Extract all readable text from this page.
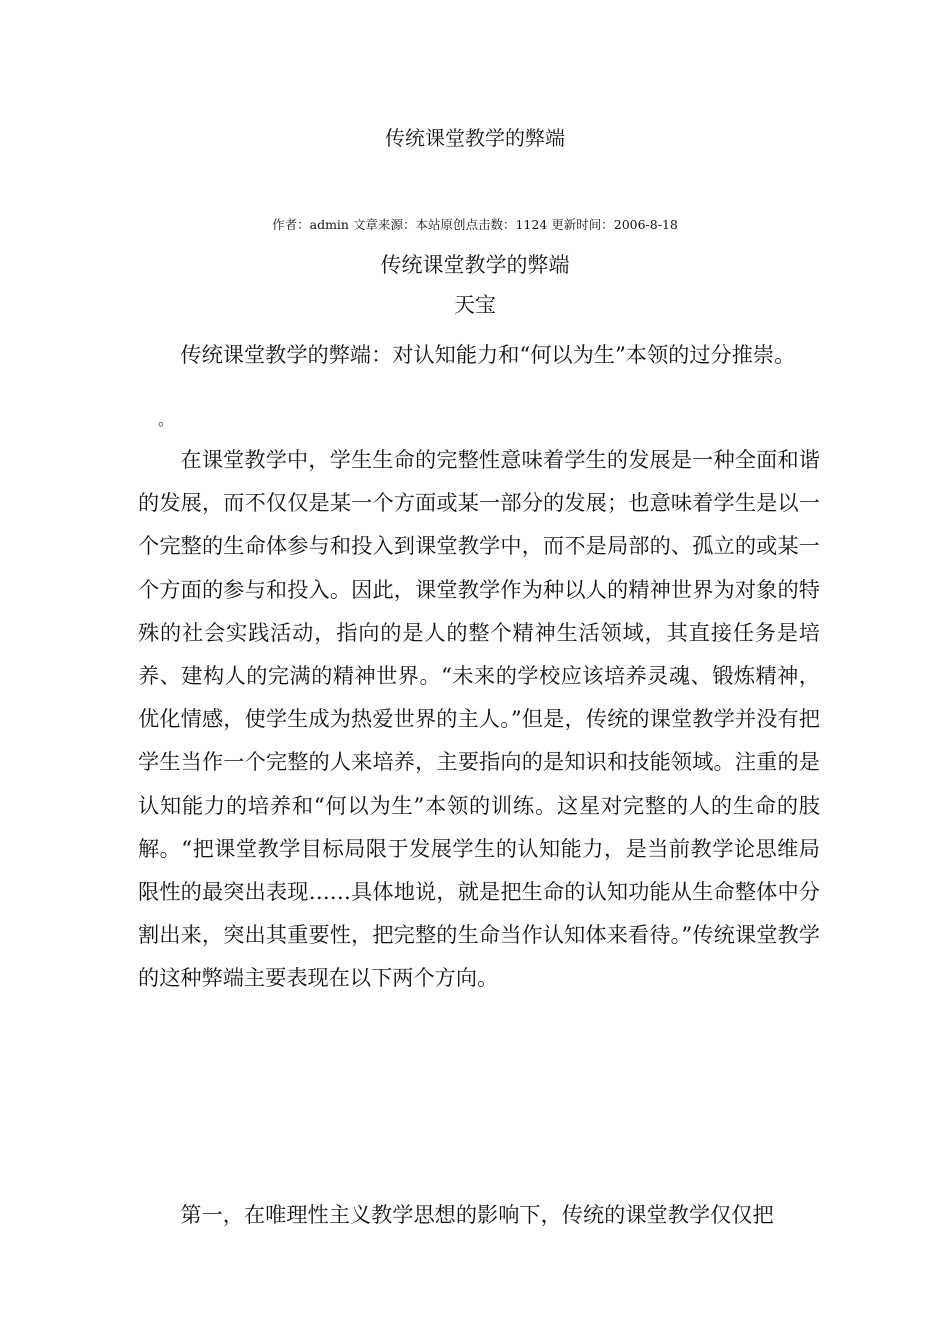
传统课堂教学的弊端
作者：admin 文章来源：本站原创点击数：1124 更新时间：2006-8-18
传统课堂教学的弊端
天宝

传统课堂教学的弊端：对认知能力和“何以为生”本领的过分推崇。

。

在课堂教学中，学生生命的完整性意味着学生的发展是一种全面和谐的发展，而不仅仅是某一个方面或某一部分的发展；也意味着学生是以一个完整的生命体参与和投入到课堂教学中，而不是局部的、孤立的或某一个方面的参与和投入。因此，课堂教学作为种以人的精神世界为对象的特殊的社会实践活动，指向的是人的整个精神生活领域，其直接任务是培养、建构人的完满的精神世界。“未来的学校应该培养灵魂、锻炼精神，优化情感，使学生成为热爱世界的主人。”但是，传统的课堂教学并没有把学生当作一个完整的人来培养，主要指向的是知识和技能领域。注重的是认知能力的培养和“何以为生”本领的训练。这星对完整的人的生命的肢解。“把课堂教学目标局限于发展学生的认知能力，是当前教学论思维局限性的最突出表现……具体地说，就是把生命的认知功能从生命整体中分割出来，突出其重要性，把完整的生命当作认知体来看待。”传统课堂教学的这种弊端主要表现在以下两个方向。

第一，在唯理性主义教学思想的影响下，传统的课堂教学仅仅把
